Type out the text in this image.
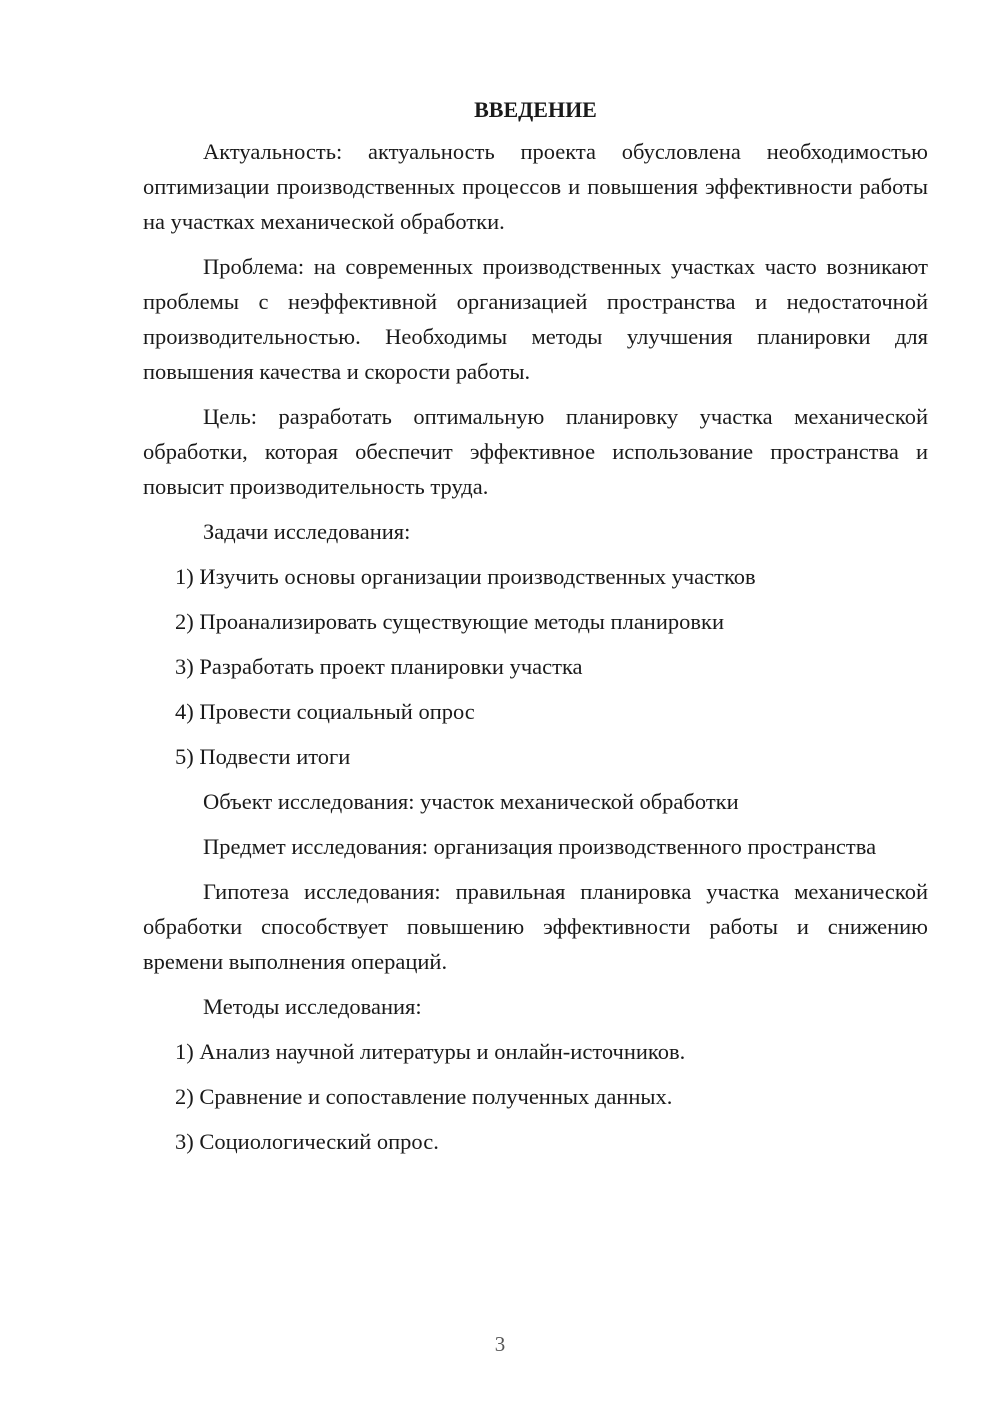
ВВЕДЕНИЕ

Актуальность: актуальность проекта обусловлена необходимостью оптимизации производственных процессов и повышения эффективности работы на участках механической обработки.

Проблема: на современных производственных участках часто возникают проблемы с неэффективной организацией пространства и недостаточной производительностью. Необходимы методы улучшения планировки для повышения качества и скорости работы.

Цель: разработать оптимальную планировку участка механической обработки, которая обеспечит эффективное использование пространства и повысит производительность труда.

Задачи исследования:

1) Изучить основы организации производственных участков
2) Проанализировать существующие методы планировки
3) Разработать проект планировки участка
4) Провести социальный опрос
5) Подвести итоги

Объект исследования: участок механической обработки

Предмет исследования: организация производственного пространства

Гипотеза исследования: правильная планировка участка механической обработки способствует повышению эффективности работы и снижению времени выполнения операций.

Методы исследования:

1) Анализ научной литературы и онлайн-источников.
2) Сравнение и сопоставление полученных данных.
3) Социологический опрос.
3
